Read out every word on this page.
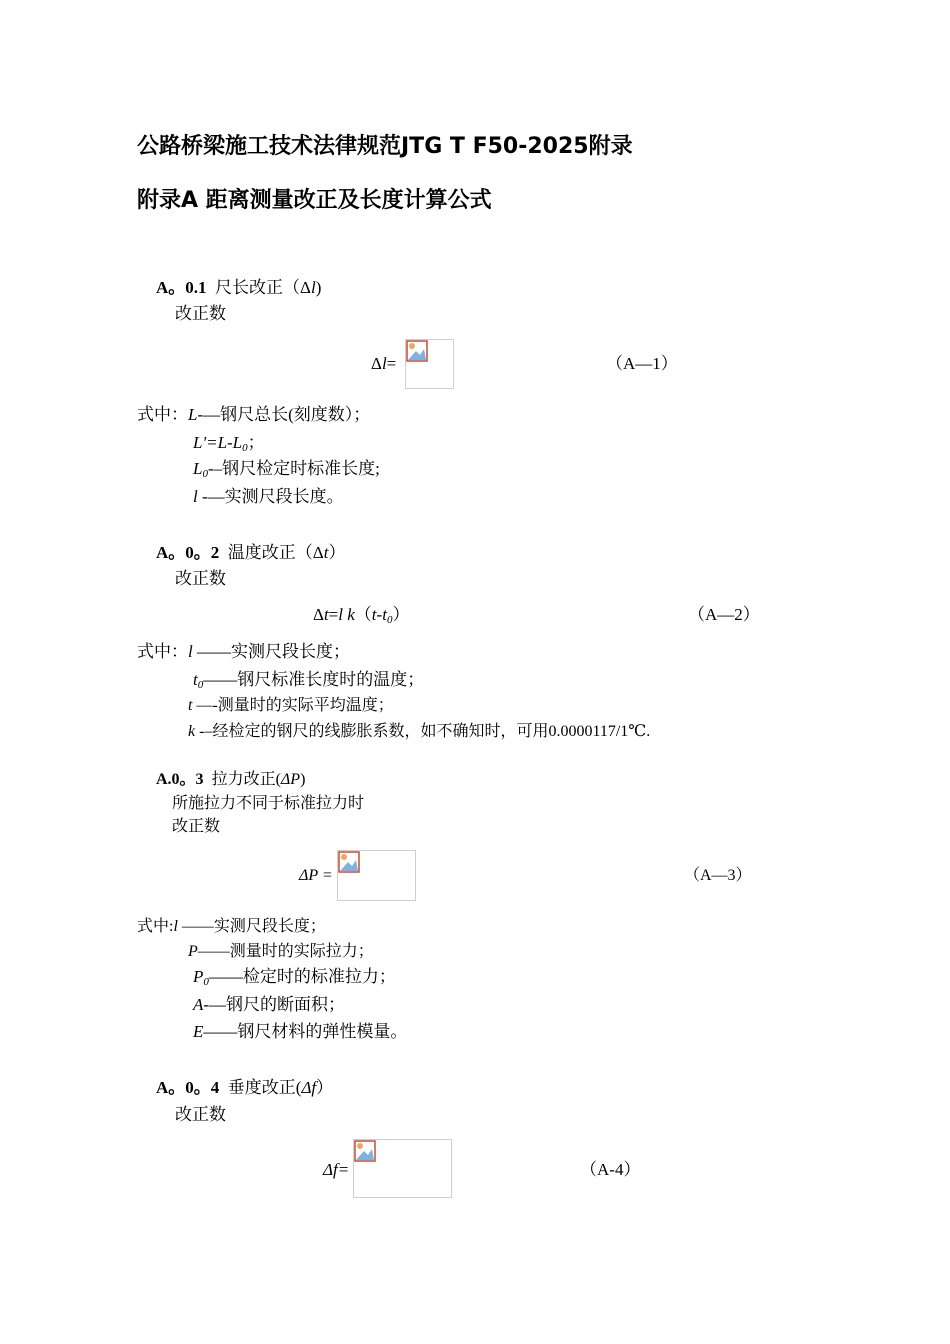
公路桥梁施工技术法律规范JTG T F50-2025附录
附录A 距离测量改正及长度计算公式
A。0.1 尺长改正（Δl)
改正数
Δl=	（A—1）
式中：L-—钢尺总长(刻度数）；
$L'=L-L_0$；
$L_0--$钢尺检定时标准长度;
l -—实测尺段长度。
A。0。2 温度改正（Δt）
改正数
Δt=l $k(t-t_0)$	（A—2）
式中：l ——实测尺段长度；
$t_0——$钢尺标准长度时的温度；
t —-测量时的实际平均温度；
k -–经检定的钢尺的线膨胀系数，如不确知时，可用0.0000117/1℃.
A.0。3 拉力改正(ΔP)
所施拉力不同于标准拉力时
改正数
ΔP =	（A—3）
式中:l ——实测尺段长度；
P——测量时的实际拉力；
$P_0——$检定时的标准拉力；
A-—钢尺的断面积；
E——钢尺材料的弹性模量。
A。0。4 垂度改正(Δf）
改正数
Δf=	（A-4）
